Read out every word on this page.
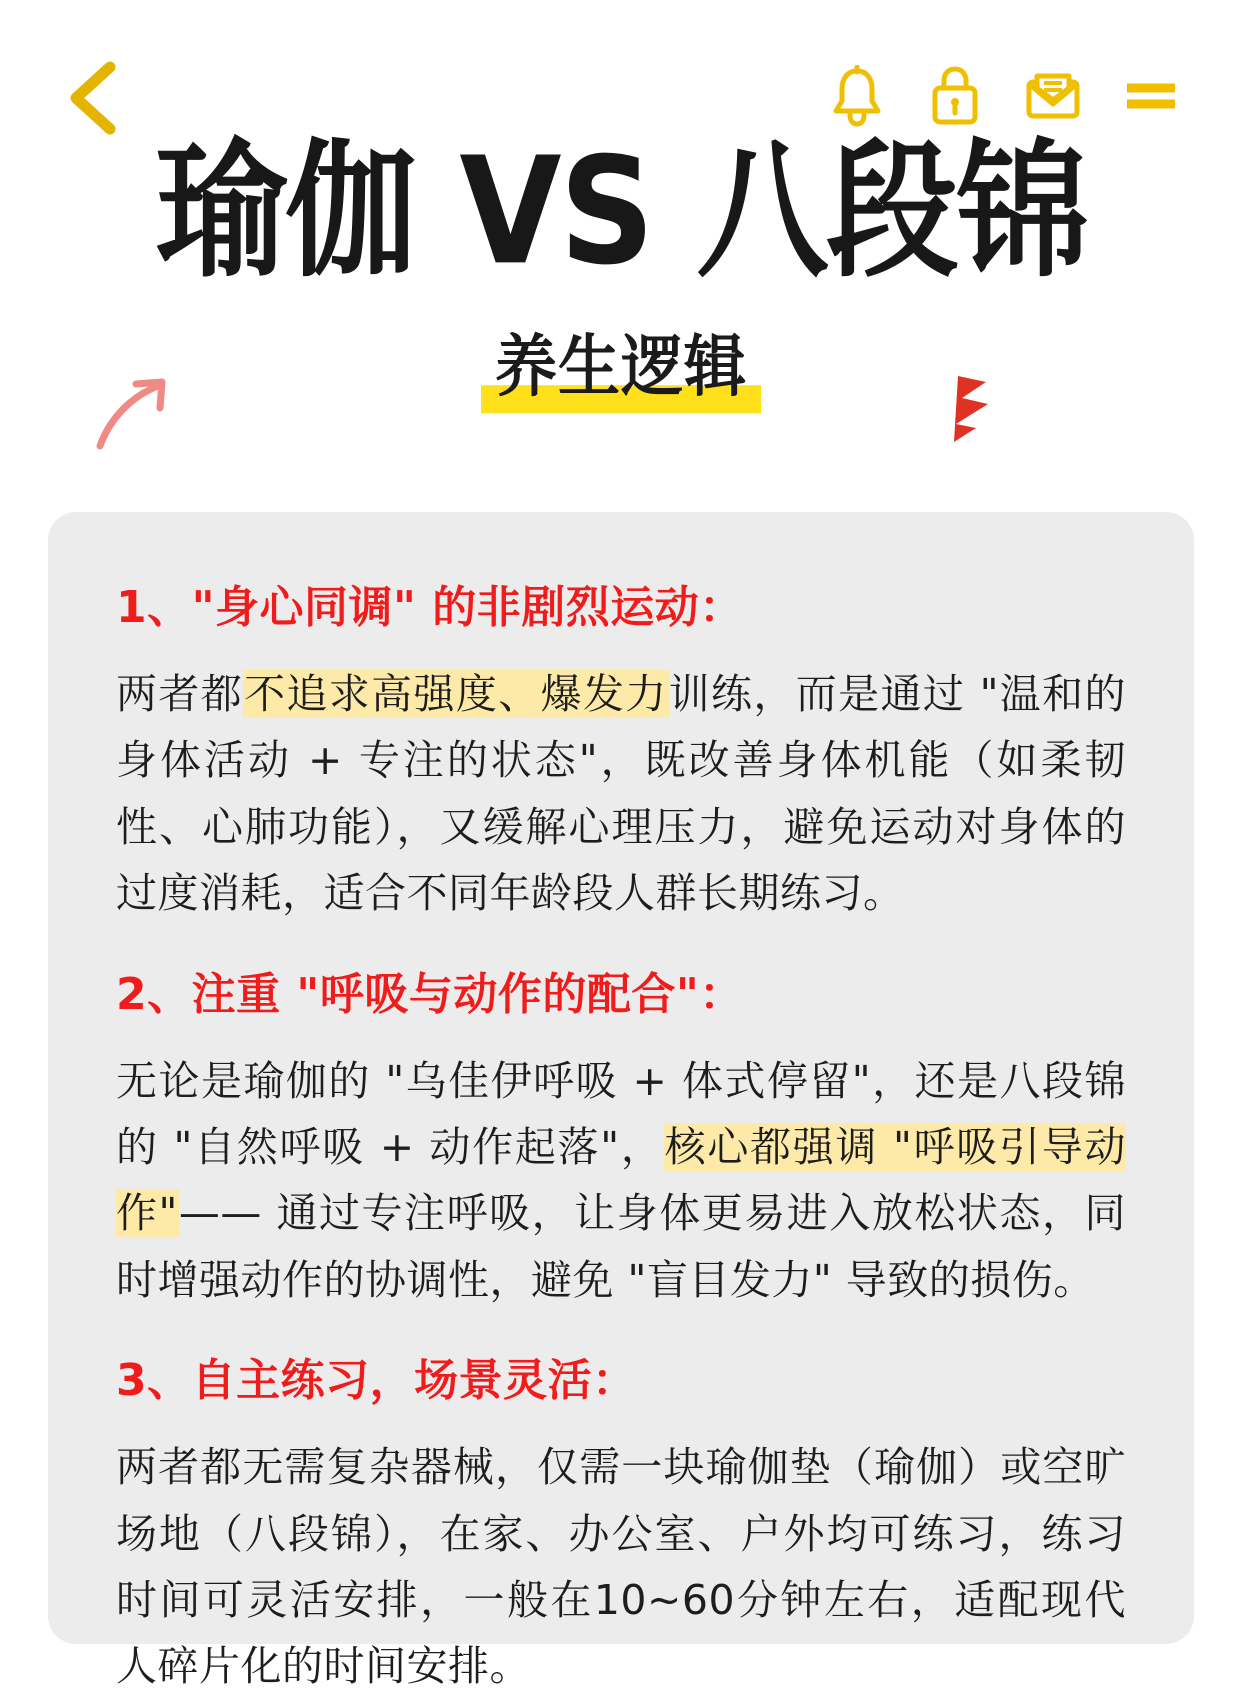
瑜伽 VS 八段锦
养生逻辑
1、"身心同调" 的非剧烈运动：

两者都不追求高强度、爆发力训练，而是通过 "温和的身体活动 + 专注的状态"，既改善身体机能（如柔韧性、心肺功能），又缓解心理压力，避免运动对身体的过度消耗，适合不同年龄段人群长期练习。

2、注重 "呼吸与动作的配合"：

无论是瑜伽的 "乌佳伊呼吸 + 体式停留"，还是八段锦的 "自然呼吸 + 动作起落"，核心都强调 "呼吸引导动作"—— 通过专注呼吸，让身体更易进入放松状态，同时增强动作的协调性，避免 "盲目发力" 导致的损伤。

3、自主练习，场景灵活：

两者都无需复杂器械，仅需一块瑜伽垫（瑜伽）或空旷场地（八段锦），在家、办公室、户外均可练习，练习时间可灵活安排，一般在10~60分钟左右，适配现代人碎片化的时间安排。
